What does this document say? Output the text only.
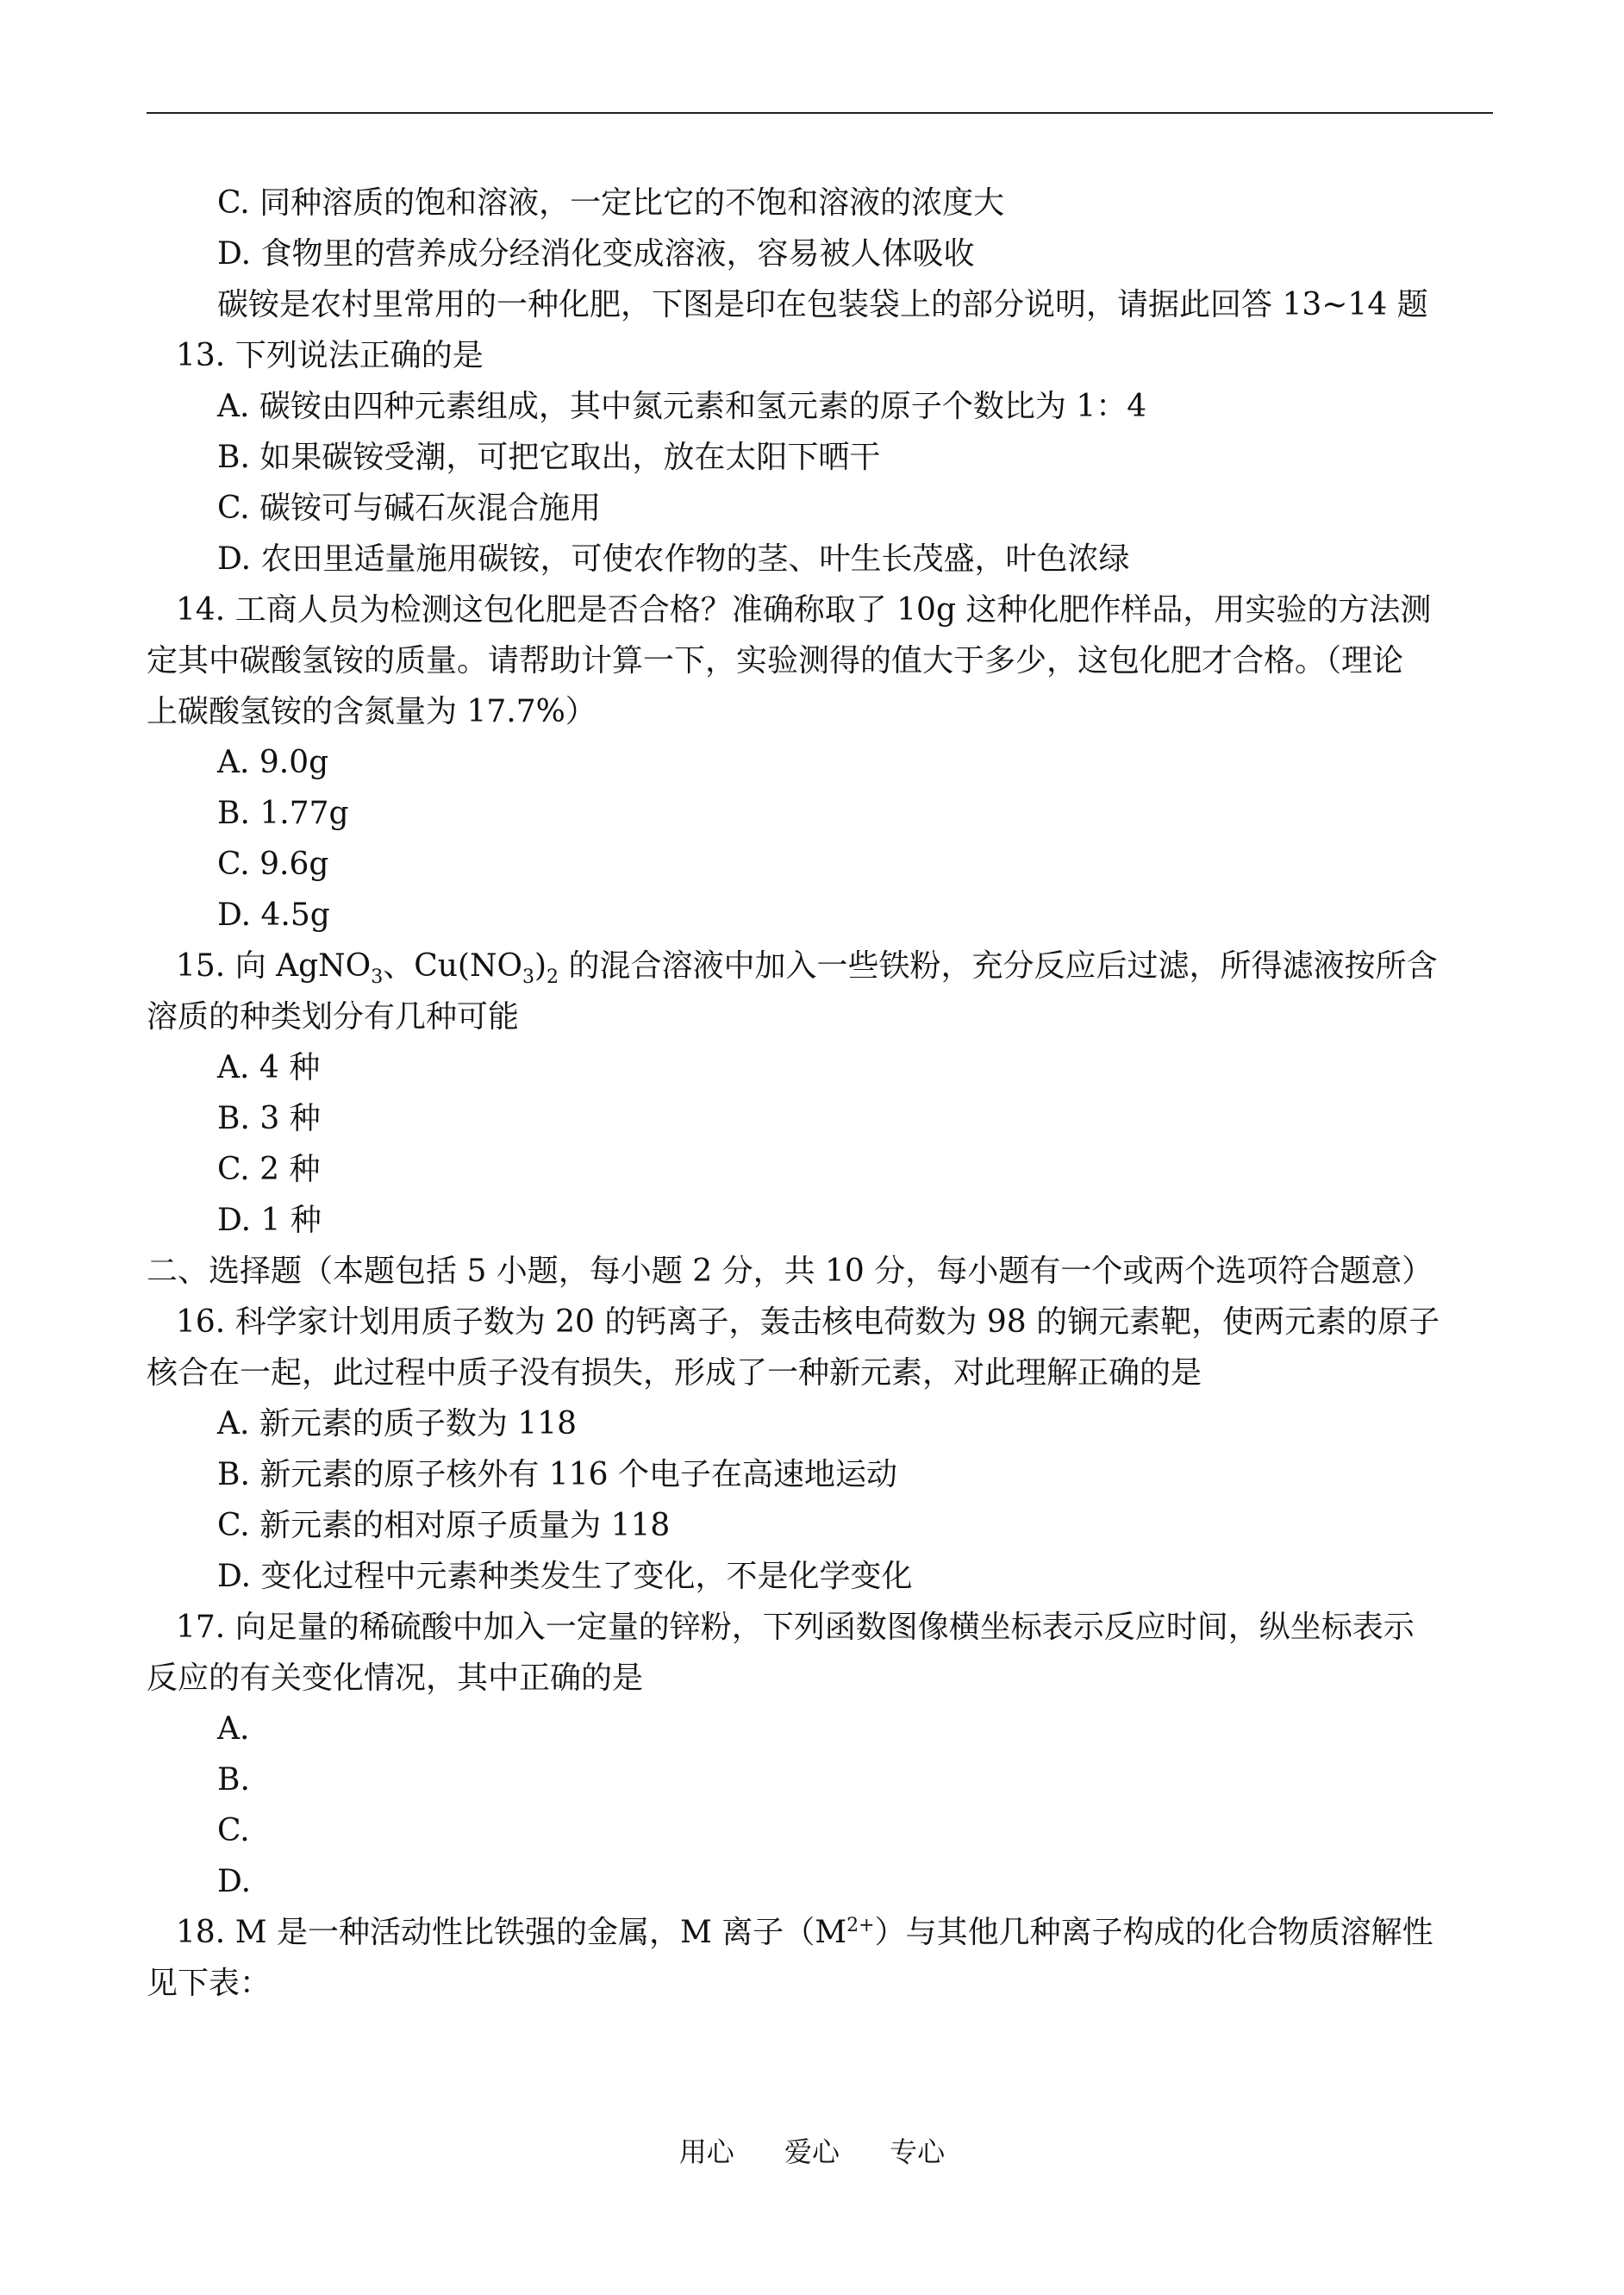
C. 同种溶质的饱和溶液，一定比它的不饱和溶液的浓度大
D. 食物里的营养成分经消化变成溶液，容易被人体吸收
碳铵是农村里常用的一种化肥，下图是印在包装袋上的部分说明，请据此回答 13~14 题
13. 下列说法正确的是
A. 碳铵由四种元素组成，其中氮元素和氢元素的原子个数比为 1：4
B. 如果碳铵受潮，可把它取出，放在太阳下晒干
C. 碳铵可与碱石灰混合施用
D. 农田里适量施用碳铵，可使农作物的茎、叶生长茂盛，叶色浓绿
14. 工商人员为检测这包化肥是否合格？准确称取了 10g 这种化肥作样品，用实验的方法测
定其中碳酸氢铵的质量。请帮助计算一下，实验测得的值大于多少，这包化肥才合格。（理论
上碳酸氢铵的含氮量为 17.7%）
A. 9.0g
B. 1.77g
C. 9.6g
D. 4.5g
15. 向 AgNO$_3$、$Cu(NO_3)_2$ 的混合溶液中加入一些铁粉，充分反应后过滤，所得滤液按所含
溶质的种类划分有几种可能
A. 4 种
B. 3 种
C. 2 种
D. 1 种
二、选择题（本题包括 5 小题，每小题 2 分，共 10 分，每小题有一个或两个选项符合题意）
16. 科学家计划用质子数为 20 的钙离子，轰击核电荷数为 98 的锎元素靶，使两元素的原子
核合在一起，此过程中质子没有损失，形成了一种新元素，对此理解正确的是
A. 新元素的质子数为 118
B. 新元素的原子核外有 116 个电子在高速地运动
C. 新元素的相对原子质量为 118
D. 变化过程中元素种类发生了变化，不是化学变化
17. 向足量的稀硫酸中加入一定量的锌粉，下列函数图像横坐标表示反应时间，纵坐标表示
反应的有关变化情况，其中正确的是
A.
B.
C.
D.
18. M 是一种活动性比铁强的金属，M 离子$(M^{2+})$与其他几种离子构成的化合物质溶解性
见下表：
用心 爱心 专心
